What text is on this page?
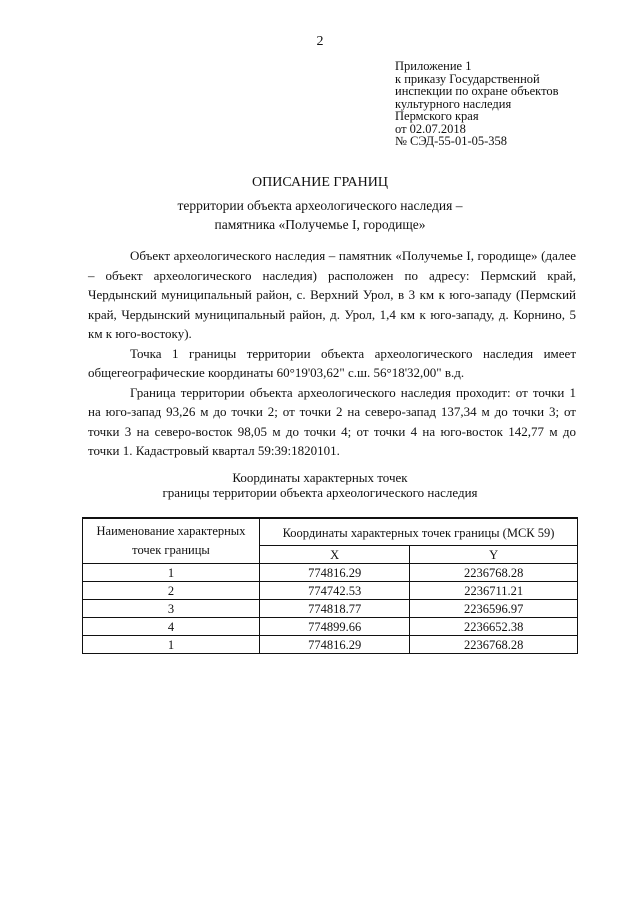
2
Приложение 1
к приказу Государственной
инспекции по охране объектов
культурного наследия
Пермского края
от 02.07.2018
№ СЭД-55-01-05-358
ОПИСАНИЕ ГРАНИЦ
территории объекта археологического наследия –
памятника «Получемье I, городище»

Объект археологического наследия – памятник «Получемье I, городище» (далее – объект археологического наследия) расположен по адресу: Пермский край, Чердынский муниципальный район, с. Верхний Урол, в 3 км к юго-западу (Пермский край, Чердынский муниципальный район, д. Урол, 1,4 км к юго-западу, д. Корнино, 5 км к юго-востоку).

Точка 1 границы территории объекта археологического наследия имеет общегеографические координаты 60°19'03,62" с.ш. 56°18'32,00" в.д.

Граница территории объекта археологического наследия проходит: от точки 1 на юго-запад 93,26 м до точки 2; от точки 2 на северо-запад 137,34 м до точки 3; от точки 3 на северо-восток 98,05 м до точки 4; от точки 4 на юго-восток 142,77 м до точки 1. Кадастровый квартал 59:39:1820101.

Координаты характерных точек
границы территории объекта археологического наследия
Наименование характерных точек границы	Координаты характерных точек границы (МСК 59)	
	X	Y
1	774816.29	2236768.28
2	774742.53	2236711.21
3	774818.77	2236596.97
4	774899.66	2236652.38
1	774816.29	2236768.28
